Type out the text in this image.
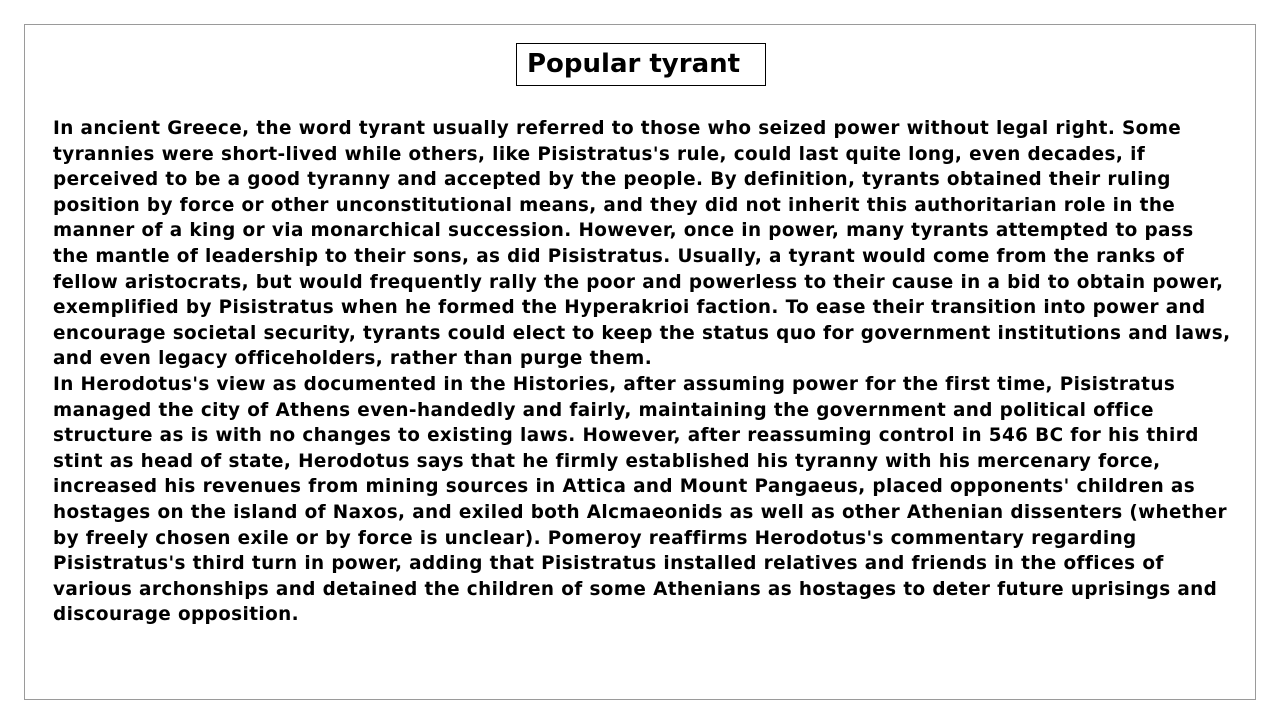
Popular tyrant

In ancient Greece, the word tyrant usually referred to those who seized power without legal right. Some tyrannies were short-lived while others, like Pisistratus's rule, could last quite long, even decades, if perceived to be a good tyranny and accepted by the people. By definition, tyrants obtained their ruling position by force or other unconstitutional means, and they did not inherit this authoritarian role in the manner of a king or via monarchical succession. However, once in power, many tyrants attempted to pass the mantle of leadership to their sons, as did Pisistratus. Usually, a tyrant would come from the ranks of fellow aristocrats, but would frequently rally the poor and powerless to their cause in a bid to obtain power, exemplified by Pisistratus when he formed the Hyperakrioi faction. To ease their transition into power and encourage societal security, tyrants could elect to keep the status quo for government institutions and laws, and even legacy officeholders, rather than purge them.

In Herodotus's view as documented in the Histories, after assuming power for the first time, Pisistratus managed the city of Athens even-handedly and fairly, maintaining the government and political office structure as is with no changes to existing laws. However, after reassuming control in 546 BC for his third stint as head of state, Herodotus says that he firmly established his tyranny with his mercenary force, increased his revenues from mining sources in Attica and Mount Pangaeus, placed opponents' children as hostages on the island of Naxos, and exiled both Alcmaeonids as well as other Athenian dissenters (whether by freely chosen exile or by force is unclear). Pomeroy reaffirms Herodotus's commentary regarding Pisistratus's third turn in power, adding that Pisistratus installed relatives and friends in the offices of various archonships and detained the children of some Athenians as hostages to deter future uprisings and discourage opposition.
